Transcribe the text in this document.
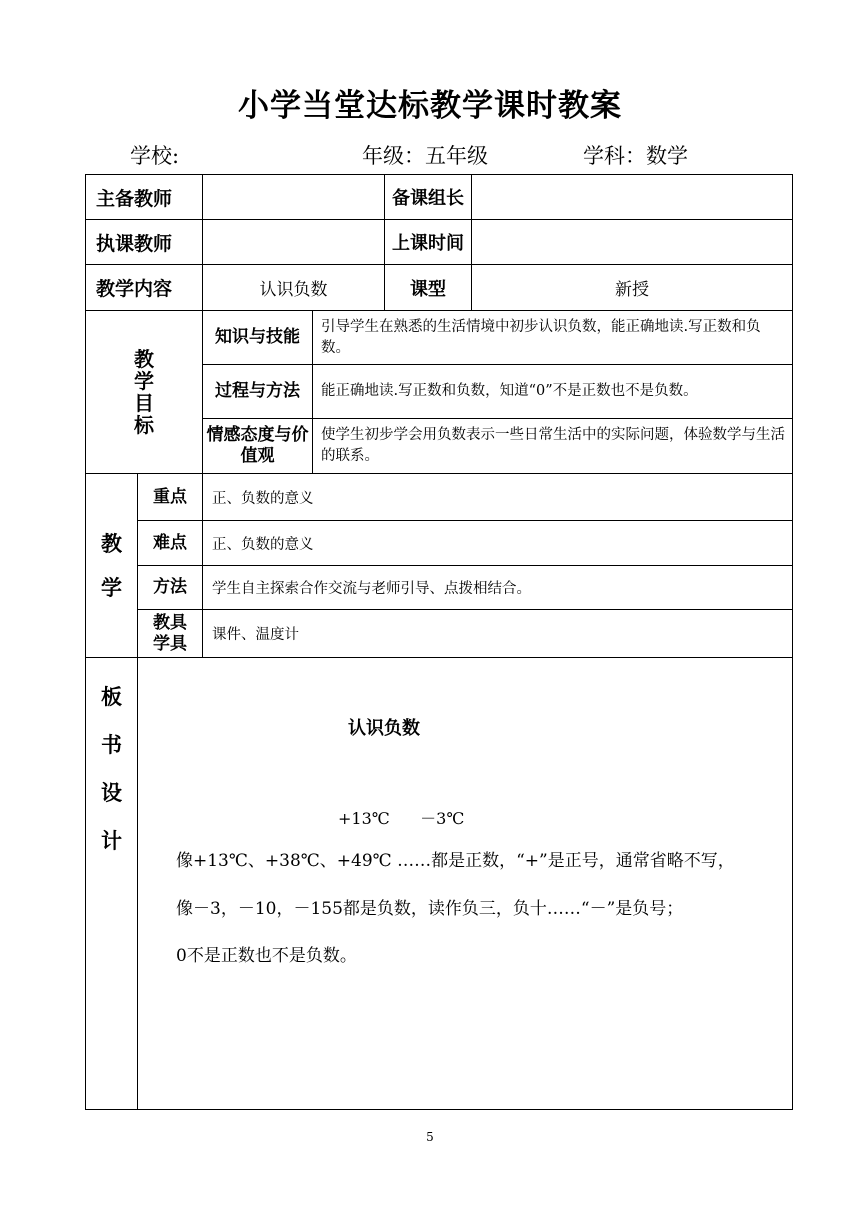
小学当堂达标教学课时教案
学校:	年级：五年级	学科：数学
主备教师				备课组长	
执课教师				上课时间	
教学内容		认识负数		课型	新授
教学目标		知识与技能	引导学生在熟悉的生活情境中初步认识负数，能正确地读.写正数和负数。		
		过程与方法	能正确地读.写正数和负数，知道“0”不是正数也不是负数。		
		情感态度与价值观	使学生初步学会用负数表示一些日常生活中的实际问题，体验数学与生活的联系。		
教学	重点	正、负数的意义			
	难点	正、负数的意义			
	方法	学生自主探索合作交流与老师引导、点拨相结合。			
	教具学具	课件、温度计			
板书设计	认识负数
+13℃      －3℃
像+13℃、+38℃、+49℃ ……都是正数，“+”是正号，通常省略不写，
像－3，－10，－155都是负数，读作负三，负十……“－”是负号；
0不是正数也不是负数。				
5
